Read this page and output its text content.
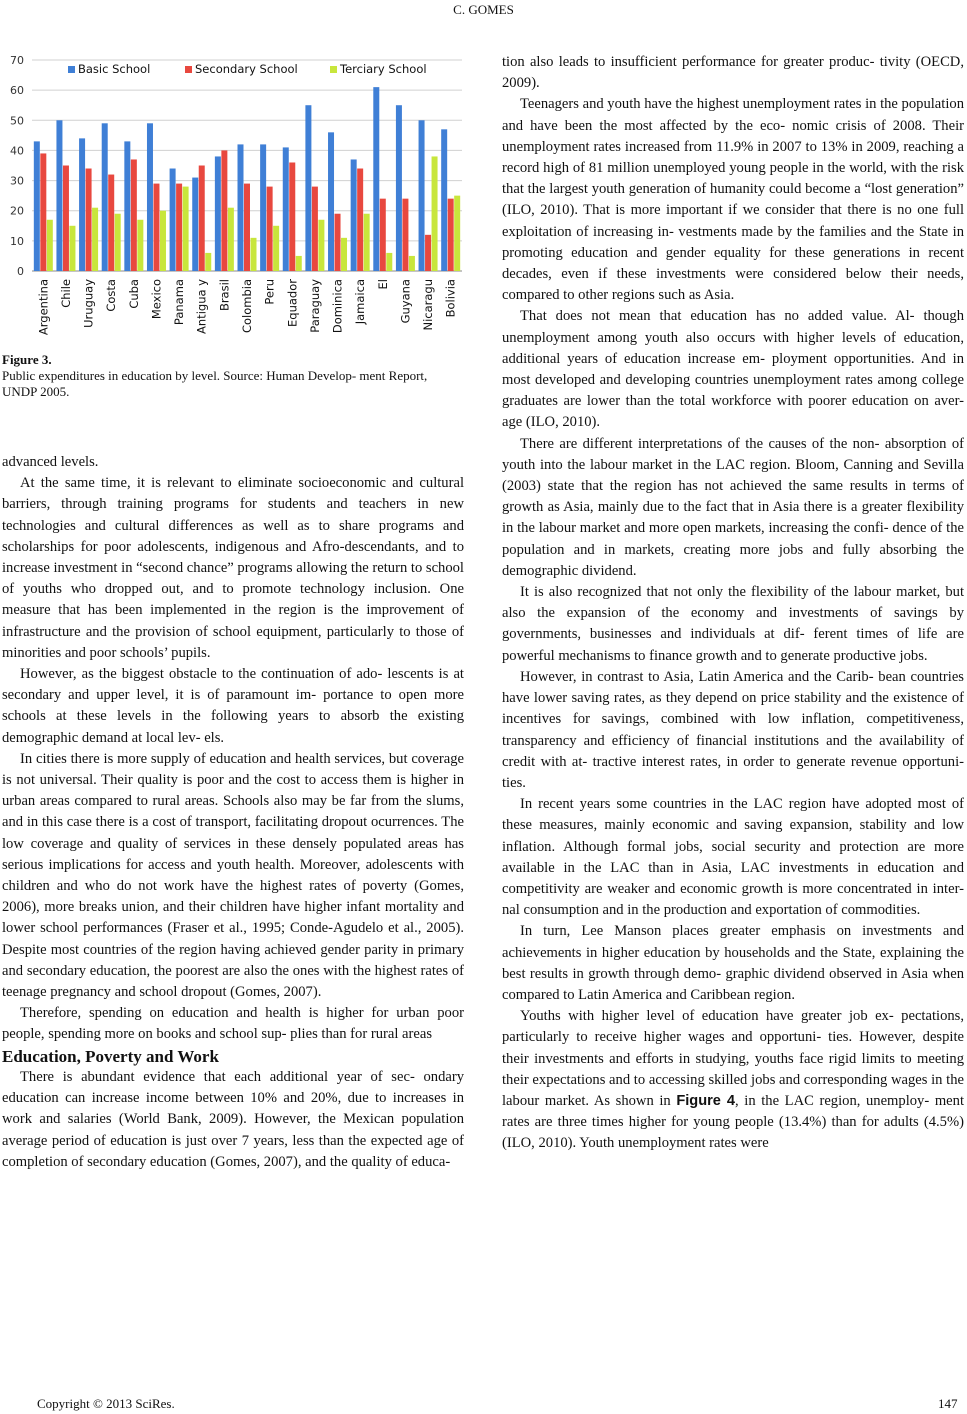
C. GOMES
0
10
20
30
40
50
60
70
Argentina Chile Uruguay Costa Cuba Mexico Panama Antigua y Brasil Colombia Peru Equador Paraguay Dominica Jamaica El Guyana Nicaragu Bolivia
Basic School	Secondary School	Terciary School
Figure 3.
Public expenditures in education by level. Source: Human Develop- ment Report, UNDP 2005.

advanced levels.

At the same time, it is relevant to eliminate socioeconomic and cultural barriers, through training programs for students and teachers in new technologies and cultural differences as well as to share programs and scholarships for poor adolescents, indigenous and Afro-descendants, and to increase investment in “second chance” programs allowing the return to school of youths who dropped out, and to promote technology inclusion. One measure that has been implemented in the region is the improvement of infrastructure and the provision of school equipment, particularly to those of minorities and poor schools’ pupils.

However, as the biggest obstacle to the continuation of ado- lescents is at secondary and upper level, it is of paramount im- portance to open more schools at these levels in the following years to absorb the existing demographic demand at local lev- els.

In cities there is more supply of education and health services, but coverage is not universal. Their quality is poor and the cost to access them is higher in urban areas compared to rural areas. Schools also may be far from the slums, and in this case there is a cost of transport, facilitating dropout ocurrences. The low coverage and quality of services in these densely populated areas has serious implications for access and youth health. Moreover, adolescents with children and who do not work have the highest rates of poverty (Gomes, 2006), more breaks union, and their children have higher infant mortality and lower school performances (Fraser et al., 1995; Conde-Agudelo et al., 2005). Despite most countries of the region having achieved gender parity in primary and secondary education, the poorest are also the ones with the highest rates of teenage pregnancy and school dropout (Gomes, 2007).

Therefore, spending on education and health is higher for urban poor people, spending more on books and school sup- plies than for rural areas

Education, Poverty and Work

There is abundant evidence that each additional year of sec- ondary education can increase income between 10% and 20%, due to increases in work and salaries (World Bank, 2009). However, the Mexican population average period of education is just over 7 years, less than the expected age of completion of secondary education (Gomes, 2007), and the quality of educa-

tion also leads to insufficient performance for greater produc- tivity (OECD, 2009).

Teenagers and youth have the highest unemployment rates in the population and have been the most affected by the eco- nomic crisis of 2008. Their unemployment rates increased from 11.9% in 2007 to 13% in 2009, reaching a record high of 81 million unemployed young people in the world, with the risk that the largest youth generation of humanity could become a “lost generation” (ILO, 2010). That is more important if we consider that there is no one full exploitation of increasing in- vestments made by the families and the State in promoting education and gender equality for these generations in recent decades, even if these investments were considered below their needs, compared to other regions such as Asia.

That does not mean that education has no added value. Al- though unemployment among youth also occurs with higher levels of education, additional years of education increase em- ployment opportunities. And in most developed and developing countries unemployment rates among college graduates are lower than the total workforce with poorer education on aver- age (ILO, 2010).

There are different interpretations of the causes of the non- absorption of youth into the labour market in the LAC region. Bloom, Canning and Sevilla (2003) state that the region has not achieved the same results in terms of growth as Asia, mainly due to the fact that in Asia there is a greater flexibility in the labour market and more open markets, increasing the confi- dence of the population and in markets, creating more jobs and fully absorbing the demographic dividend.

It is also recognized that not only the flexibility of the labour market, but also the expansion of the economy and investments of savings by governments, businesses and individuals at dif- ferent times of life are powerful mechanisms to finance growth and to generate productive jobs.

However, in contrast to Asia, Latin America and the Carib- bean countries have lower saving rates, as they depend on price stability and the existence of incentives for savings, combined with low inflation, competitiveness, transparency and efficiency of financial institutions and the availability of credit with at- tractive interest rates, in order to generate revenue opportuni- ties.

In recent years some countries in the LAC region have adopted most of these measures, mainly economic and saving expansion, stability and low inflation. Although formal jobs, social security and protection are more available in the LAC than in Asia, LAC investments in education and competitivity are weaker and economic growth is more concentrated in inter- nal consumption and in the production and exportation of commodities.

In turn, Lee Manson places greater emphasis on investments and achievements in higher education by households and the State, explaining the best results in growth through demo- graphic dividend observed in Asia when compared to Latin America and Caribbean region.

Youths with higher level of education have greater job ex- pectations, particularly to receive higher wages and opportuni- ties. However, despite their investments and efforts in studying, youths face rigid limits to meeting their expectations and to accessing skilled jobs and corresponding wages in the labour market. As shown in Figure 4, in the LAC region, unemploy- ment rates are three times higher for young people (13.4%) than for adults (4.5%) (ILO, 2010). Youth unemployment rates were

Copyright © 2013 SciRes.	147
